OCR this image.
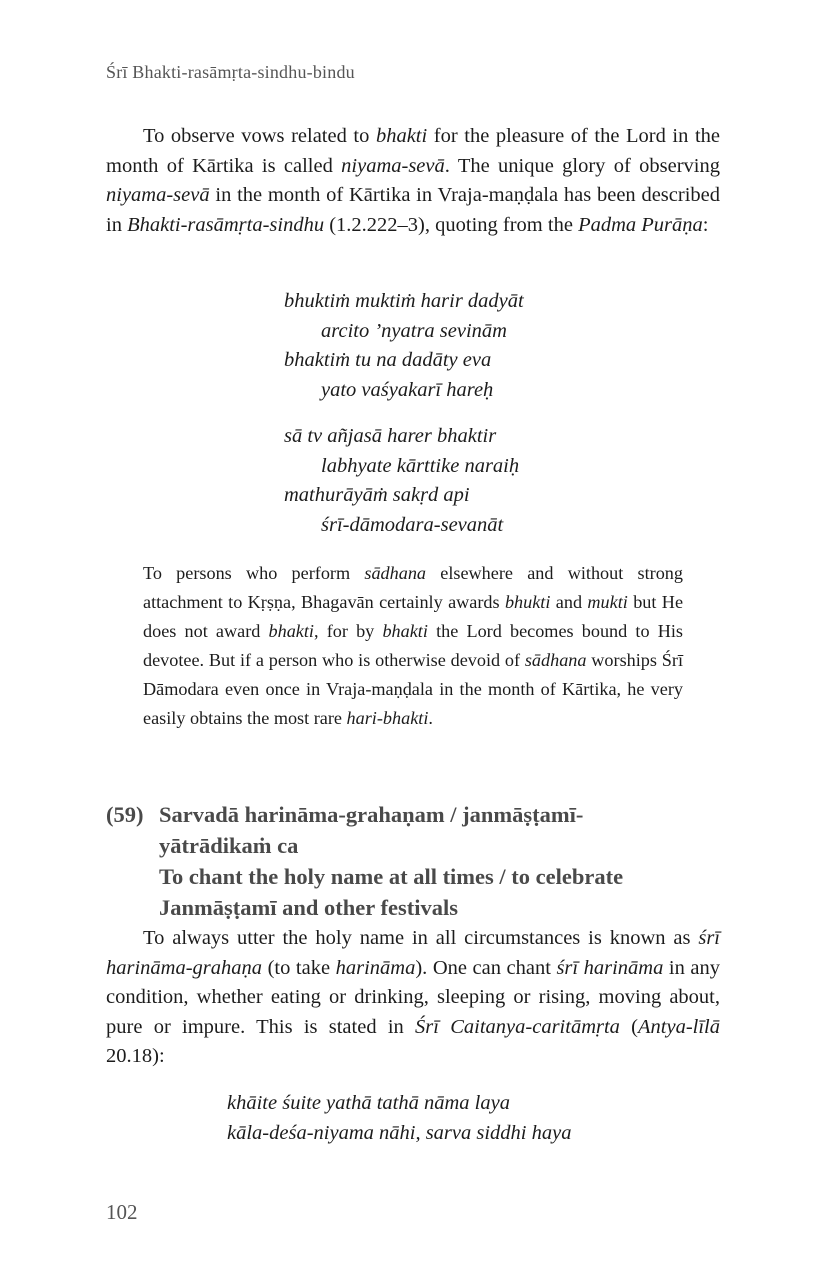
Śrī Bhakti-rasāmṛta-sindhu-bindu

To observe vows related to bhakti for the pleasure of the Lord in the month of Kārtika is called niyama-sevā. The unique glory of observing niyama-sevā in the month of Kārtika in Vraja-maṇḍala has been described in Bhakti-rasāmṛta-sindhu (1.2.222–3), quoting from the Padma Purāṇa:

bhuktiṁ muktiṁ harir dadyāt
arcito ’nyatra sevinām
bhaktiṁ tu na dadāty eva
yato vaśyakarī hareḥ
sā tv añjasā harer bhaktir
labhyate kārttike naraiḥ
mathurāyāṁ sakṛd api
śrī-dāmodara-sevanāt

To persons who perform sādhana elsewhere and without strong attachment to Kṛṣṇa, Bhagavān certainly awards bhukti and mukti but He does not award bhakti, for by bhakti the Lord becomes bound to His devotee. But if a person who is otherwise devoid of sādhana worships Śrī Dāmodara even once in Vraja-maṇḍala in the month of Kārtika, he very easily obtains the most rare hari-bhakti.

(59) Sarvadā harināma-grahaṇam / janmāṣṭamī-
yātrādikaṁ ca
To chant the holy name at all times / to celebrate
Janmāṣṭamī and other festivals

To always utter the holy name in all circumstances is known as śrī harināma-grahaṇa (to take harināma). One can chant śrī harināma in any condition, whether eating or drinking, sleeping or rising, moving about, pure or impure. This is stated in Śrī Caitanya-caritāmṛta (Antya-līlā 20.18):

khāite śuite yathā tathā nāma laya
kāla-deśa-niyama nāhi, sarva siddhi haya
102
